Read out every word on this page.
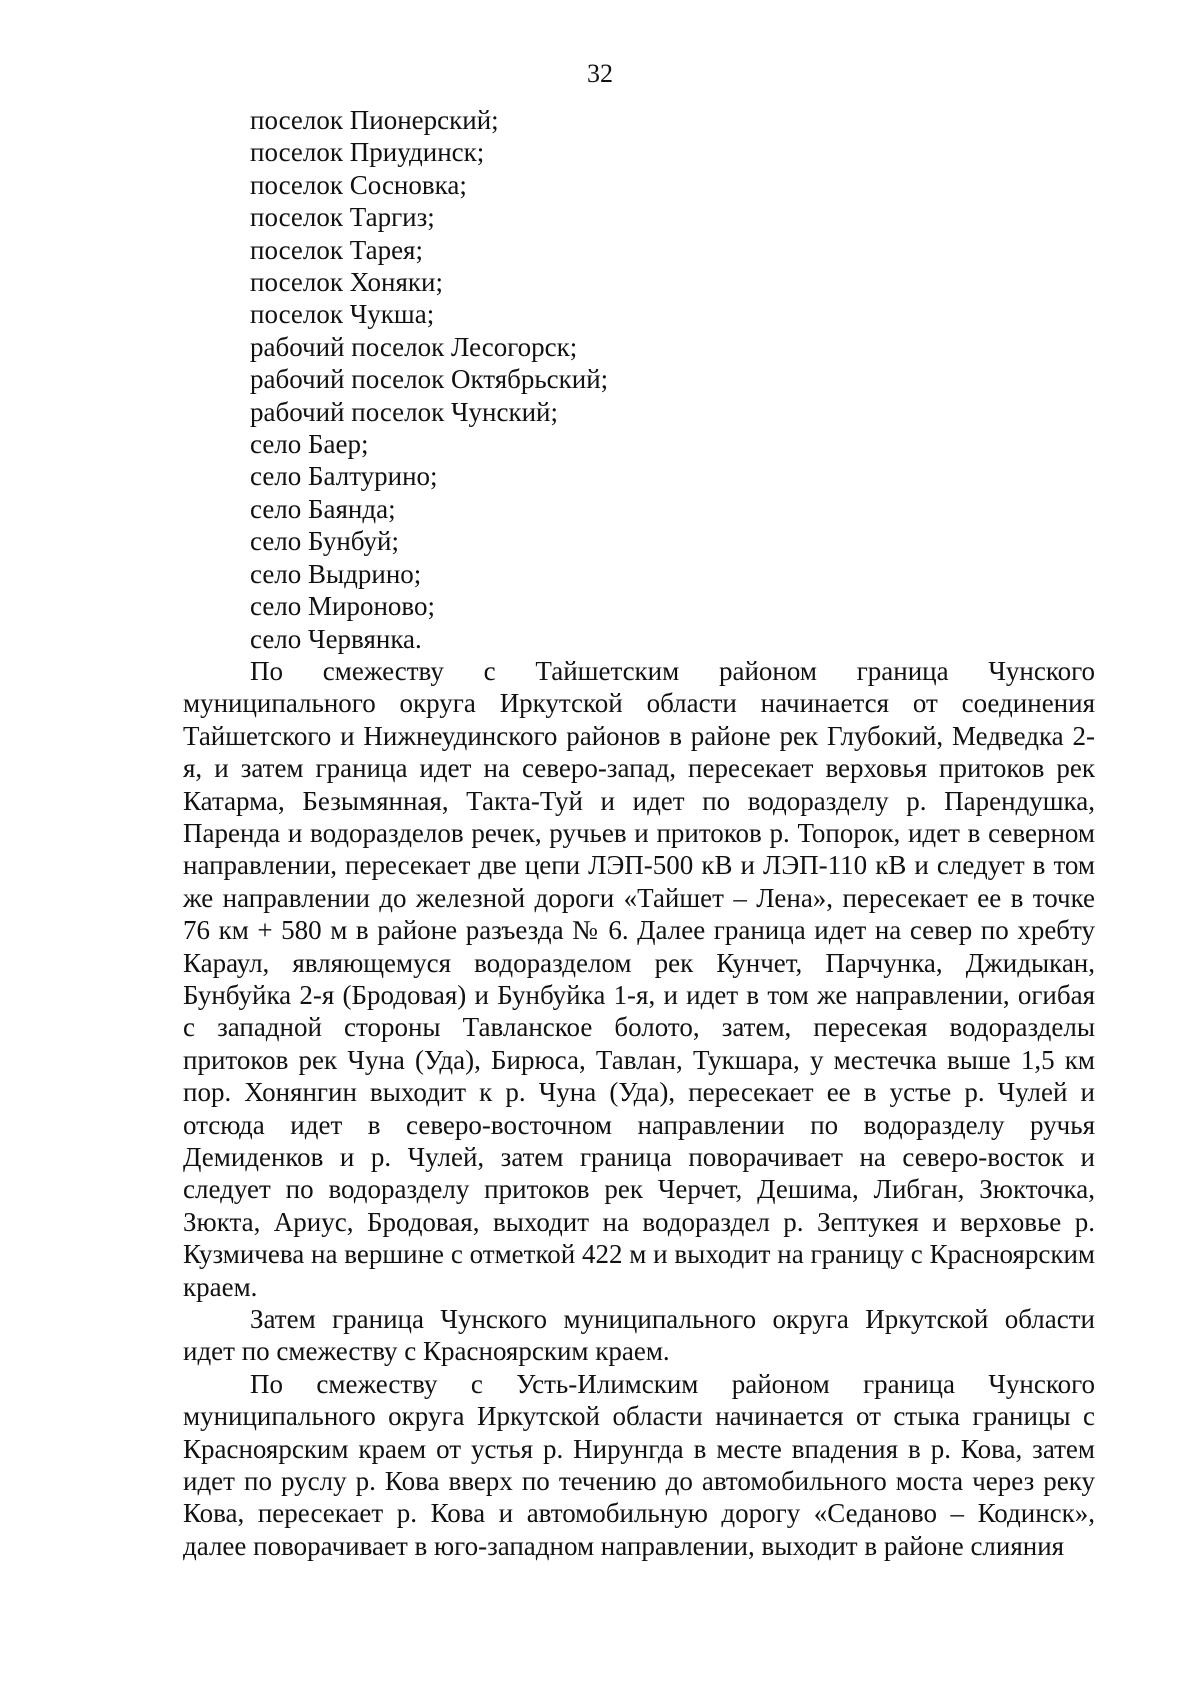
32
поселок Пионерский;
поселок Приудинск;
поселок Сосновка;
поселок Таргиз;
поселок Тарея;
поселок Хоняки;
поселок Чукша;
рабочий поселок Лесогорск;
рабочий поселок Октябрьский;
рабочий поселок Чунский;
село Баер;
село Балтурино;
село Баянда;
село Бунбуй;
село Выдрино;
село Мироново;
село Червянка.

По смежеству с Тайшетским районом граница Чунского муниципального округа Иркутской области начинается от соединения Тайшетского и Нижнеудинского районов в районе рек Глубокий, Медведка 2-я, и затем граница идет на северо-запад, пересекает верховья притоков рек Катарма, Безымянная, Такта-Туй и идет по водоразделу р. Парендушка, Паренда и водоразделов речек, ручьев и притоков р. Топорок, идет в северном направлении, пересекает две цепи ЛЭП-500 кВ и ЛЭП-110 кВ и следует в том же направлении до железной дороги «Тайшет – Лена», пересекает ее в точке 76 км + 580 м в районе разъезда № 6. Далее граница идет на север по хребту Караул, являющемуся водоразделом рек Кунчет, Парчунка, Джидыкан, Бунбуйка 2-я (Бродовая) и Бунбуйка 1-я, и идет в том же направлении, огибая с западной стороны Тавланское болото, затем, пересекая водоразделы притоков рек Чуна (Уда), Бирюса, Тавлан, Тукшара, у местечка выше 1,5 км пор. Хонянгин выходит к р. Чуна (Уда), пересекает ее в устье р. Чулей и отсюда идет в северо-восточном направлении по водоразделу ручья Демиденков и р. Чулей, затем граница поворачивает на северо-восток и следует по водоразделу притоков рек Черчет, Дешима, Либган, Зюкточка, Зюкта, Ариус, Бродовая, выходит на водораздел р. Зептукея и верховье р. Кузмичева на вершине с отметкой 422 м и выходит на границу с Красноярским краем.

Затем граница Чунского муниципального округа Иркутской области идет по смежеству с Красноярским краем.

По смежеству с Усть-Илимским районом граница Чунского муниципального округа Иркутской области начинается от стыка границы с Красноярским краем от устья р. Нирунгда в месте впадения в р. Кова, затем идет по руслу р. Кова вверх по течению до автомобильного моста через реку Кова, пересекает р. Кова и автомобильную дорогу «Седаново – Кодинск», далее поворачивает в юго-западном направлении, выходит в районе слияния
